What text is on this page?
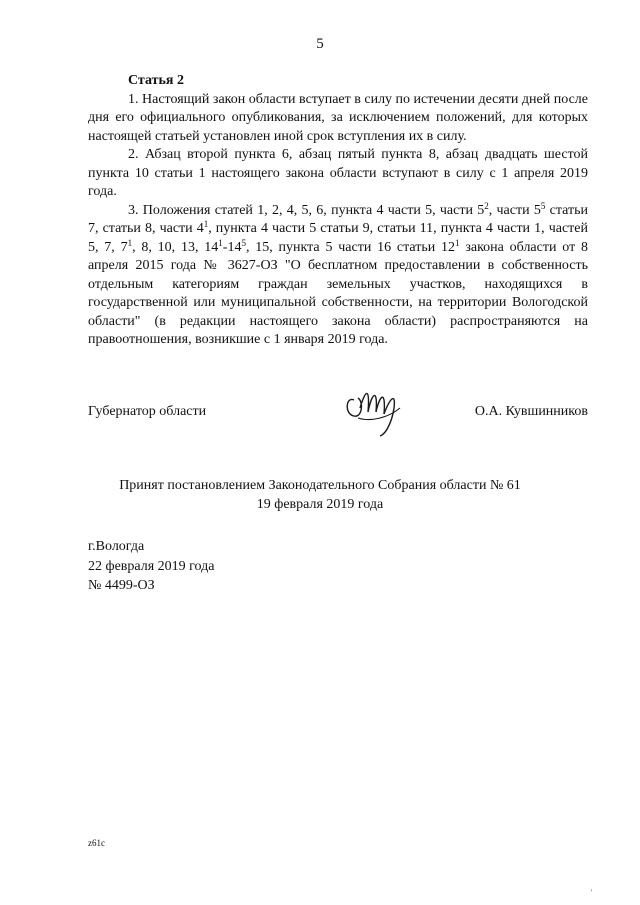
5

Статья 2

1. Настоящий закон области вступает в силу по истечении десяти дней после дня его официального опубликования, за исключением положений, для которых настоящей статьей установлен иной срок вступления их в силу.

2. Абзац второй пункта 6, абзац пятый пункта 8, абзац двадцать шестой пункта 10 статьи 1 настоящего закона области вступают в силу с 1 апреля 2019 года.

3. Положения статей 1, 2, 4, 5, 6, пункта 4 части 5, части $5^2$, части $5^5$ статьи 7, статьи 8, части $4^1$, пункта 4 части 5 статьи 9, статьи 11, пункта 4 части 1, частей 5, 7, $7^1$, 8, 10, 13, $14^1-14^5$, 15, пункта 5 части 16 статьи $12^1$ закона области от 8 апреля 2015 года № 3627-ОЗ "О бесплатном предоставлении в собственность отдельным категориям граждан земельных участков, находящихся в государственной или муниципальной собственности, на территории Вологодской области" (в редакции настоящего закона области) распространяются на правоотношения, возникшие с 1 января 2019 года.

Губернатор области	О.А. Кувшинников
Принят постановлением Законодательного Собрания области № 61
19 февраля 2019 года
г.Вологда
22 февраля 2019 года
№ 4499-ОЗ
z61c
'
